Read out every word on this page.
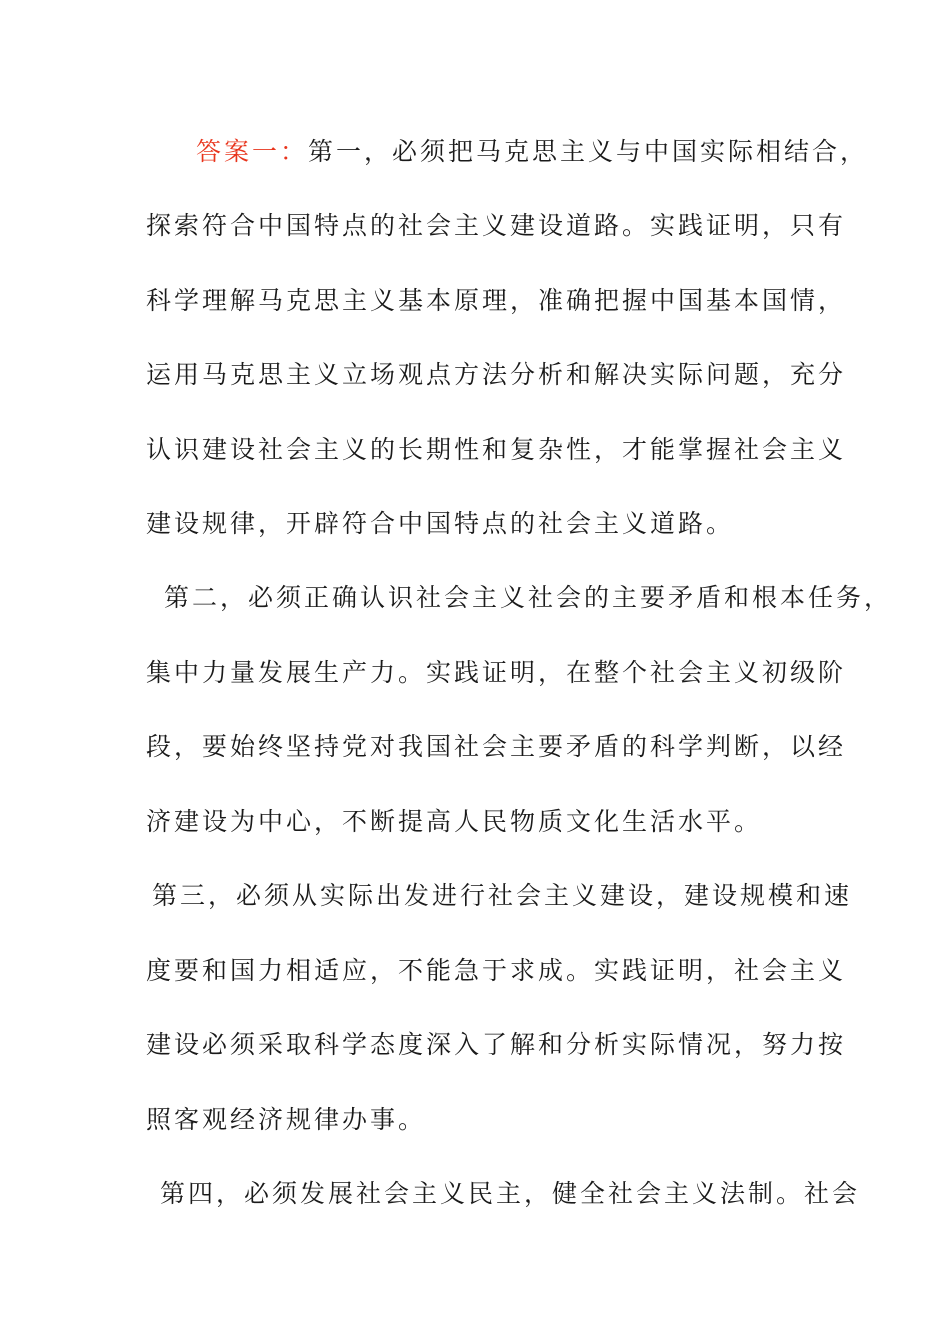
答案一：第一，必须把马克思主义与中国实际相结合，
探索符合中国特点的社会主义建设道路。实践证明，只有
科学理解马克思主义基本原理，准确把握中国基本国情，
运用马克思主义立场观点方法分析和解决实际问题，充分
认识建设社会主义的长期性和复杂性，才能掌握社会主义
建设规律，开辟符合中国特点的社会主义道路。
第二，必须正确认识社会主义社会的主要矛盾和根本任务，
集中力量发展生产力。实践证明，在整个社会主义初级阶
段，要始终坚持党对我国社会主要矛盾的科学判断，以经
济建设为中心，不断提高人民物质文化生活水平。
第三，必须从实际出发进行社会主义建设，建设规模和速
度要和国力相适应，不能急于求成。实践证明，社会主义
建设必须采取科学态度深入了解和分析实际情况，努力按
照客观经济规律办事。
第四，必须发展社会主义民主，健全社会主义法制。社会
